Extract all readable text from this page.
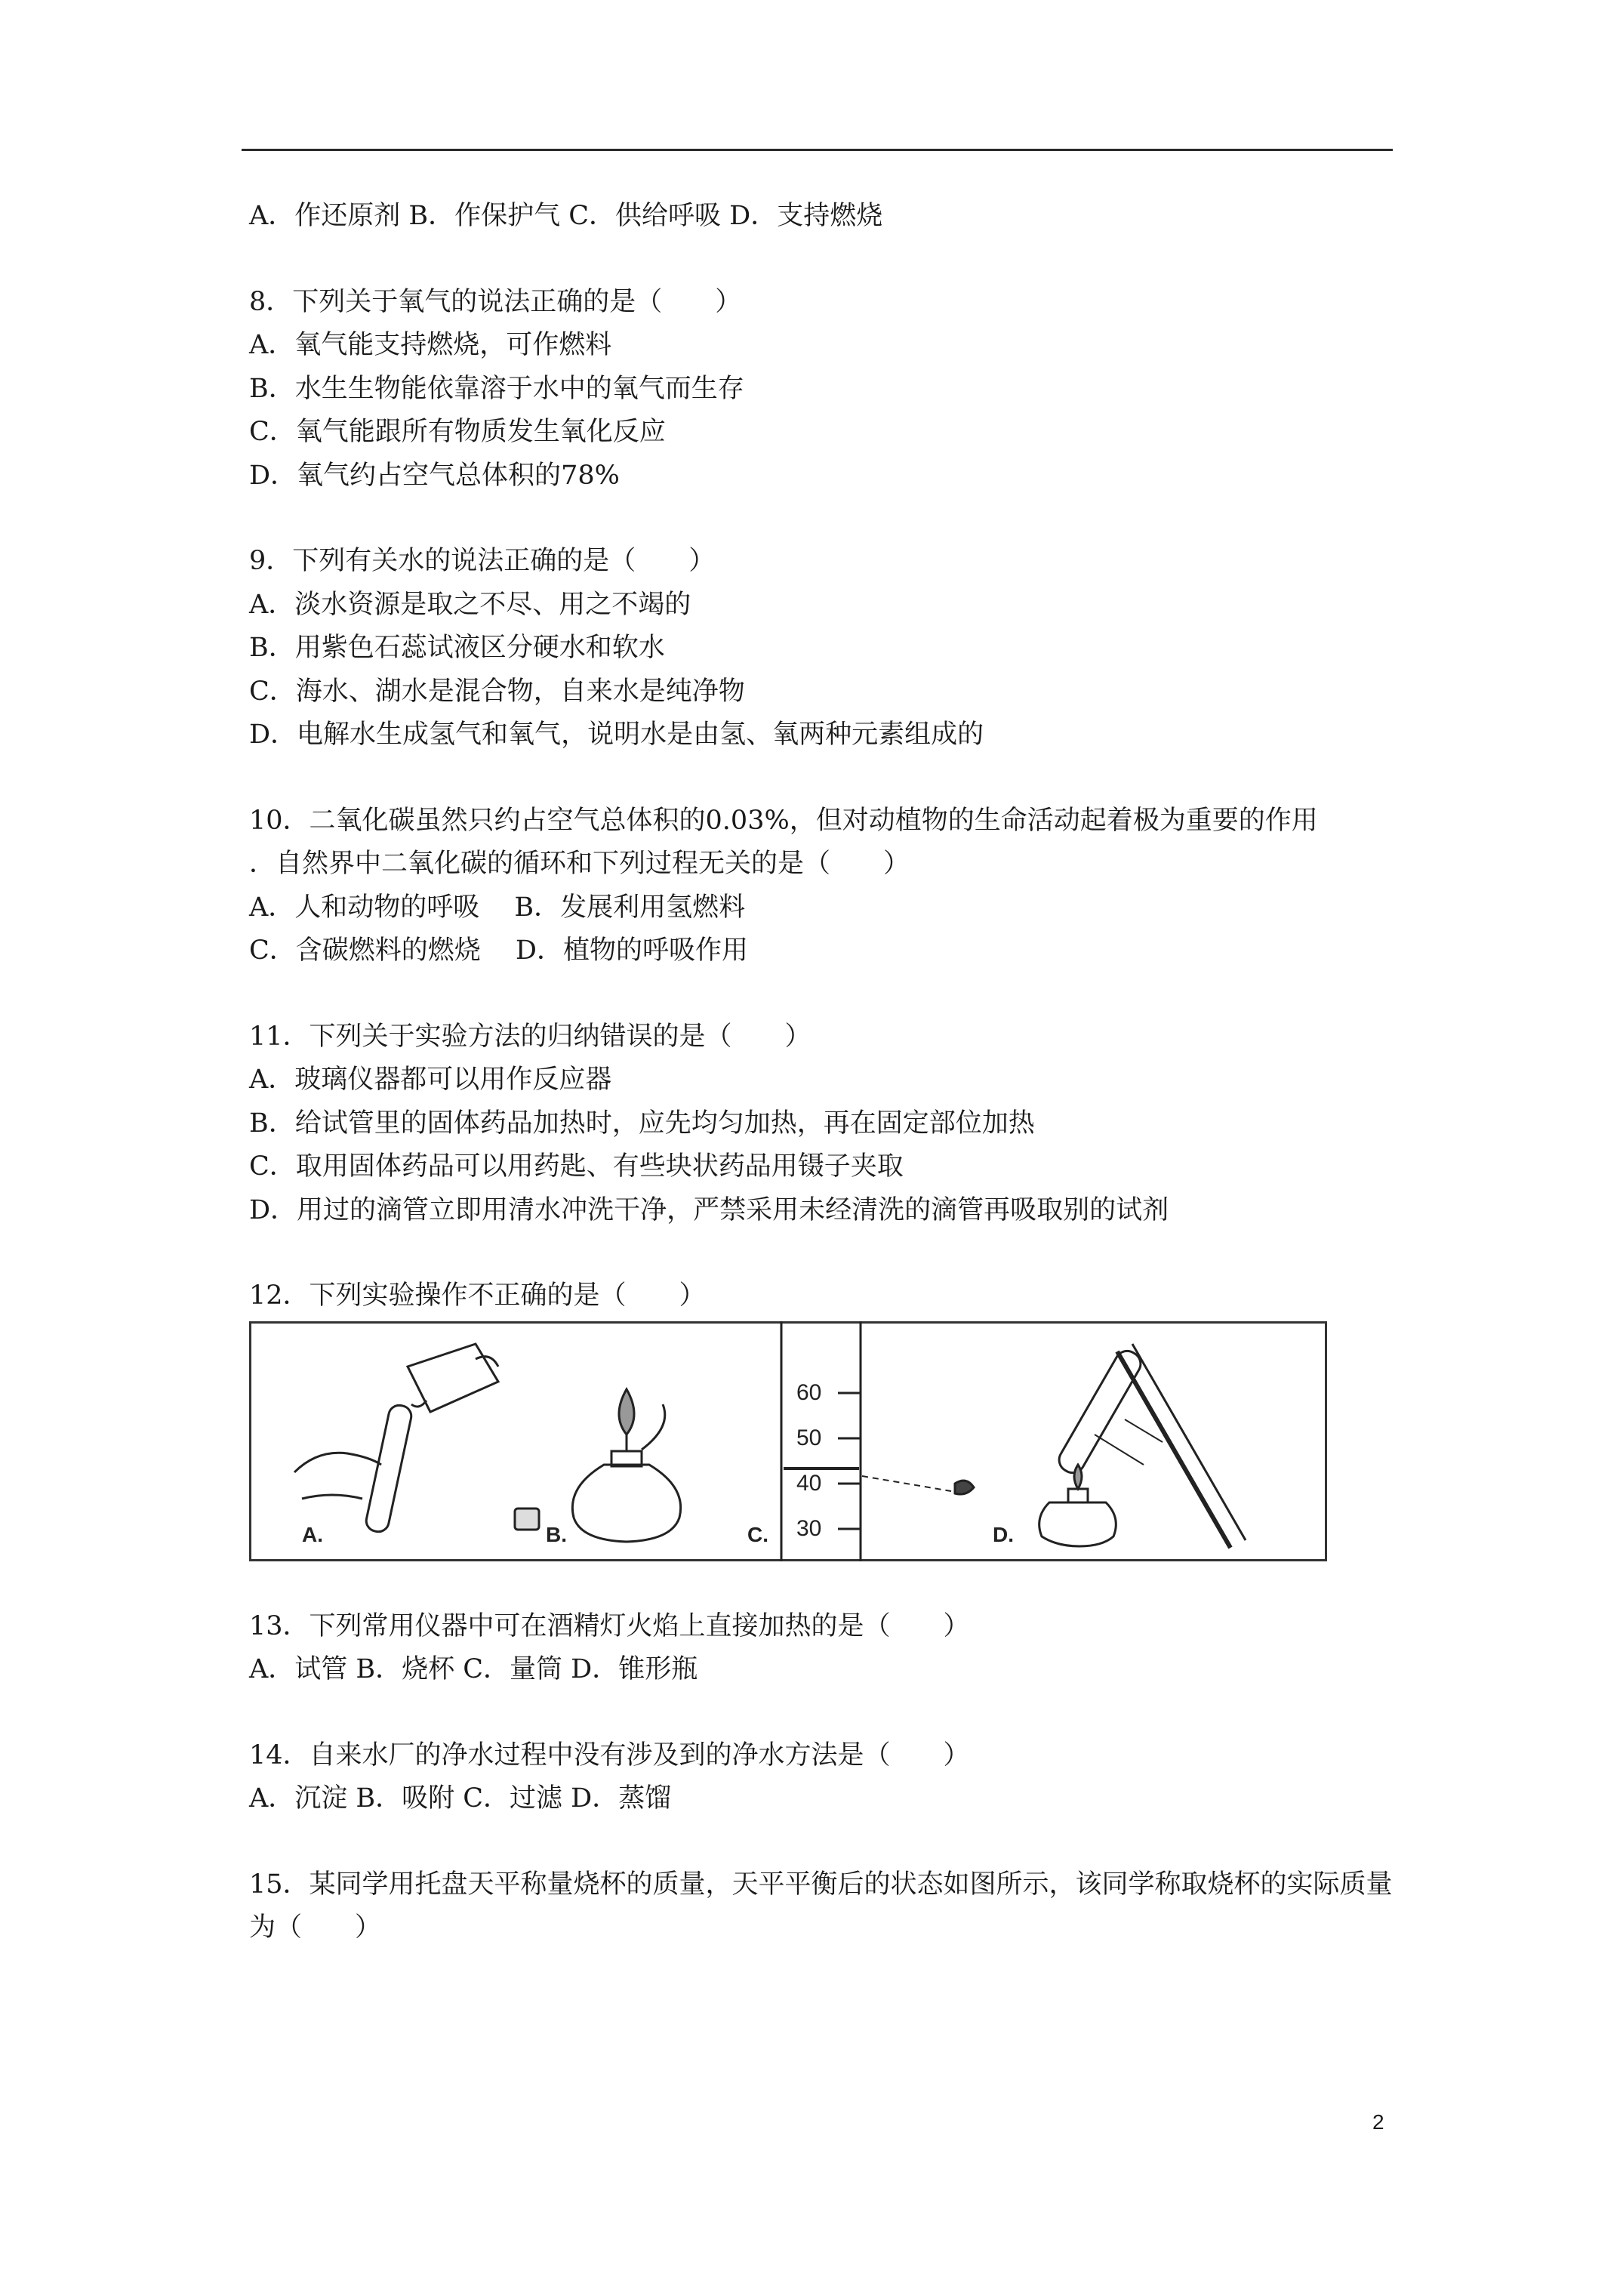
A．作还原剂 B．作保护气 C．供给呼吸 D．支持燃烧
8．下列关于氧气的说法正确的是（　　）
A．氧气能支持燃烧，可作燃料
B．水生生物能依靠溶于水中的氧气而生存
C．氧气能跟所有物质发生氧化反应
D．氧气约占空气总体积的78%
9．下列有关水的说法正确的是（　　）
A．淡水资源是取之不尽、用之不竭的
B．用紫色石蕊试液区分硬水和软水
C．海水、湖水是混合物，自来水是纯净物
D．电解水生成氢气和氧气，说明水是由氢、氧两种元素组成的
10．二氧化碳虽然只约占空气总体积的0.03%，但对动植物的生命活动起着极为重要的作用
．自然界中二氧化碳的循环和下列过程无关的是（　　）
A．人和动物的呼吸　 B．发展利用氢燃料
C．含碳燃料的燃烧　 D．植物的呼吸作用
11．下列关于实验方法的归纳错误的是（　　）
A．玻璃仪器都可以用作反应器
B．给试管里的固体药品加热时，应先均匀加热，再在固定部位加热
C．取用固体药品可以用药匙、有些块状药品用镊子夹取
D．用过的滴管立即用清水冲洗干净，严禁采用未经清洗的滴管再吸取别的试剂
12．下列实验操作不正确的是（　　）
A.	B.
60
50
40
30
C.	D.
13．下列常用仪器中可在酒精灯火焰上直接加热的是（　　）
A．试管 B．烧杯 C．量筒 D．锥形瓶
14．自来水厂的净水过程中没有涉及到的净水方法是（　　）
A．沉淀 B．吸附 C．过滤 D．蒸馏
15．某同学用托盘天平称量烧杯的质量，天平平衡后的状态如图所示，该同学称取烧杯的实际质量为（　　）
2
